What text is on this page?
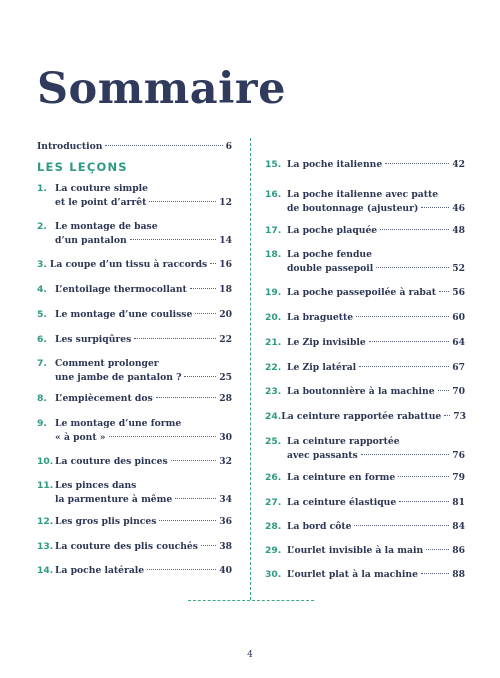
Sommaire
Introduction	6
LES LEÇONS
1. La couture simple
et le point d’arrêt	12
2. Le montage de base
d’un pantalon	14
3. La coupe d’un tissu à raccords 16
4. L’entoilage thermocollant	18
5. Le montage d’une coulisse	20
6. Les surpiqûres	22
7. Comment prolonger
une jambe de pantalon ?	25
8. L’empiècement dos	28
9. Le montage d’une forme
« à pont »	30
10. La couture des pinces	32
11. Les pinces dans
la parmenture à même	34
12. Les gros plis pinces	36
13. La couture des plis couchés 38
14. La poche latérale	40
15. La poche italienne	42
16. La poche italienne avec patte
de boutonnage (ajusteur)	46
17. La poche plaquée	48
18. La poche fendue
double passepoil	52
19. La poche passepoilée à rabat 56
20. La braguette	60
21. Le Zip invisible	64
22. Le Zip latéral	67
23. La boutonnière à la machine 70
24. La ceinture rapportée rabattue 73
25. La ceinture rapportée
avec passants	76
26. La ceinture en forme	79
27. La ceinture élastique	81
28. La bord côte	84
29. L’ourlet invisible à la main	86
30. L’ourlet plat à la machine	88
4
